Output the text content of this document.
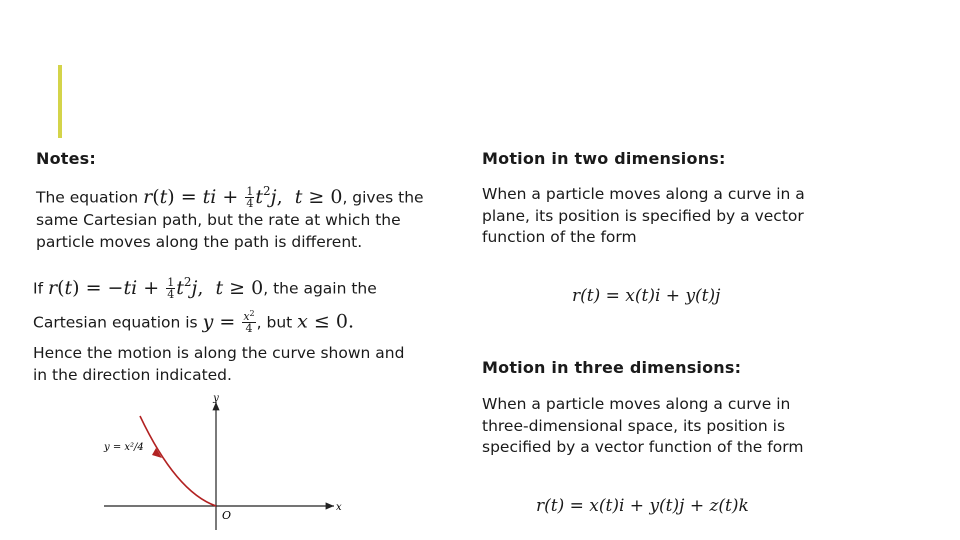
Notes:
The equation r(t) = ti + $\frac{1}{4} t^2j$,  t ≥ 0, gives the
same Cartesian path, but the rate at which the
particle moves along the path is different.
If $r(t) = -ti + \frac{1}{4} t^2j$,  t ≥ 0, the again the
Cartesian equation is $y = \frac{x^2}{4}$ , but x ≤ 0.
Hence the motion is along the curve shown and
in the direction indicated.
y
x
O
y = x²/4
Motion in two dimensions:
When a particle moves along a curve in a
plane, its position is specified by a vector
function of the form
r(t) = x(t)i + y(t)j
Motion in three dimensions:
When a particle moves along a curve in
three-dimensional space, its position is
specified by a vector function of the form
r(t) = x(t)i + y(t)j + z(t)k
